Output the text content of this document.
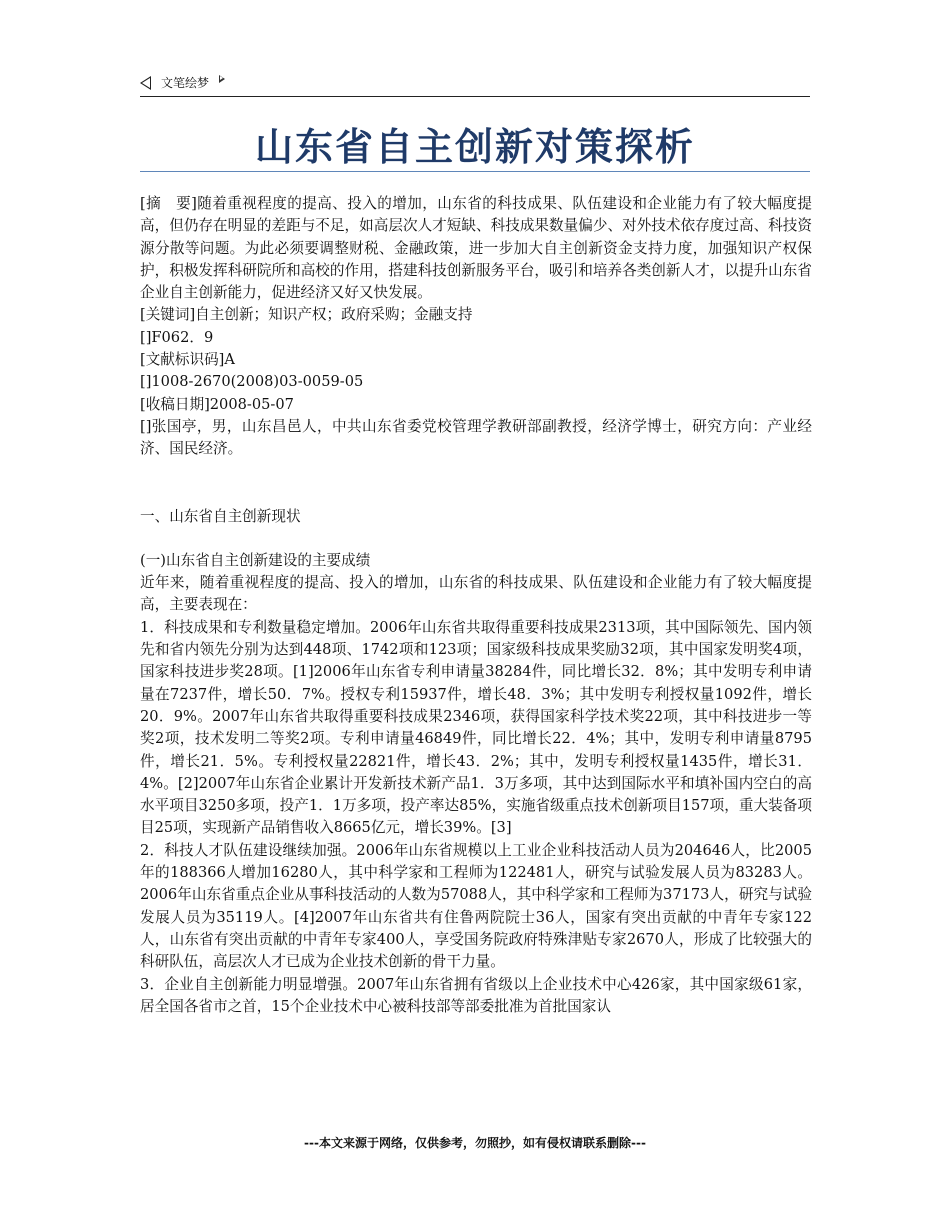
文笔绘梦
山东省自主创新对策探析

[摘　要]随着重视程度的提高、投入的增加，山东省的科技成果、队伍建设和企业能力有了较大幅度提高，但仍存在明显的差距与不足，如高层次人才短缺、科技成果数量偏少、对外技术依存度过高、科技资源分散等问题。为此必须要调整财税、金融政策，进一步加大自主创新资金支持力度，加强知识产权保护，积极发挥科研院所和高校的作用，搭建科技创新服务平台，吸引和培养各类创新人才，以提升山东省企业自主创新能力，促进经济又好又快发展。

[关键词]自主创新；知识产权；政府采购；金融支持

[]F062．9

[文献标识码]A

[]1008-2670(2008)03-0059-05

[收稿日期]2008-05-07

[]张国亭，男，山东昌邑人，中共山东省委党校管理学教研部副教授，经济学博士，研究方向：产业经济、国民经济。

一、山东省自主创新现状

(一)山东省自主创新建设的主要成绩

近年来，随着重视程度的提高、投入的增加，山东省的科技成果、队伍建设和企业能力有了较大幅度提高，主要表现在：

1．科技成果和专利数量稳定增加。2006年山东省共取得重要科技成果2313项，其中国际领先、国内领先和省内领先分别为达到448项、1742项和123项；国家级科技成果奖励32项，其中国家发明奖4项，国家科技进步奖28项。[1]2006年山东省专利申请量38284件，同比增长32．8%；其中发明专利申请量在7237件，增长50．7%。授权专利15937件，增长48．3%；其中发明专利授权量1092件，增长20．9%。2007年山东省共取得重要科技成果2346项，获得国家科学技术奖22项，其中科技进步一等奖2项，技术发明二等奖2项。专利申请量46849件，同比增长22．4%；其中，发明专利申请量8795件，增长21．5%。专利授权量22821件，增长43．2%；其中，发明专利授权量1435件，增长31．4%。[2]2007年山东省企业累计开发新技术新产品1．3万多项，其中达到国际水平和填补国内空白的高水平项目3250多项，投产1．1万多项，投产率达85%，实施省级重点技术创新项目157项，重大装备项目25项，实现新产品销售收入8665亿元，增长39%。[3]

2．科技人才队伍建设继续加强。2006年山东省规模以上工业企业科技活动人员为204646人，比2005年的188366人增加16280人，其中科学家和工程师为122481人，研究与试验发展人员为83283人。2006年山东省重点企业从事科技活动的人数为57088人，其中科学家和工程师为37173人，研究与试验发展人员为35119人。[4]2007年山东省共有住鲁两院院士36人，国家有突出贡献的中青年专家122人，山东省有突出贡献的中青年专家400人，享受国务院政府特殊津贴专家2670人，形成了比较强大的科研队伍，高层次人才已成为企业技术创新的骨干力量。

3．企业自主创新能力明显增强。2007年山东省拥有省级以上企业技术中心426家，其中国家级61家，居全国各省市之首，15个企业技术中心被科技部等部委批准为首批国家认

---本文来源于网络，仅供参考，勿照抄，如有侵权请联系删除---
